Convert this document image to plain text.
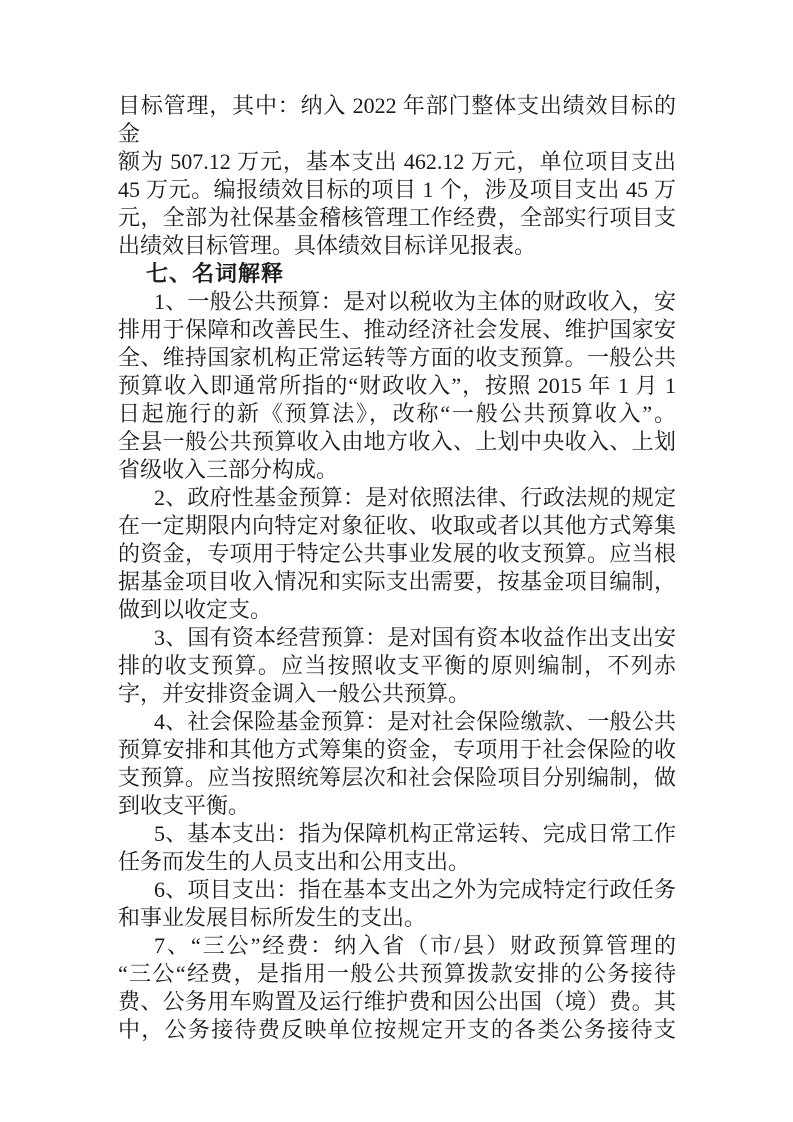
目标管理，其中：纳入 2022 年部门整体支出绩效目标的金
额为 507.12 万元，基本支出 462.12 万元，单位项目支出
45 万元。编报绩效目标的项目 1 个，涉及项目支出 45 万
元，全部为社保基金稽核管理工作经费，全部实行项目支
出绩效目标管理。具体绩效目标详见报表。
七、名词解释
1、一般公共预算：是对以税收为主体的财政收入，安
排用于保障和改善民生、推动经济社会发展、维护国家安
全、维持国家机构正常运转等方面的收支预算。一般公共
预算收入即通常所指的“财政收入”，按照 2015 年 1 月 1
日起施行的新《预算法》，改称“一般公共预算收入”。
全县一般公共预算收入由地方收入、上划中央收入、上划
省级收入三部分构成。
2、政府性基金预算：是对依照法律、行政法规的规定
在一定期限内向特定对象征收、收取或者以其他方式筹集
的资金，专项用于特定公共事业发展的收支预算。应当根
据基金项目收入情况和实际支出需要，按基金项目编制，
做到以收定支。
3、国有资本经营预算：是对国有资本收益作出支出安
排的收支预算。应当按照收支平衡的原则编制，不列赤
字，并安排资金调入一般公共预算。
4、社会保险基金预算：是对社会保险缴款、一般公共
预算安排和其他方式筹集的资金，专项用于社会保险的收
支预算。应当按照统筹层次和社会保险项目分别编制，做
到收支平衡。
5、基本支出：指为保障机构正常运转、完成日常工作
任务而发生的人员支出和公用支出。
6、项目支出：指在基本支出之外为完成特定行政任务
和事业发展目标所发生的支出。
7、“三公”经费：纳入省（市/县）财政预算管理的
“三公“经费，是指用一般公共预算拨款安排的公务接待
费、公务用车购置及运行维护费和因公出国（境）费。其
中，公务接待费反映单位按规定开支的各类公务接待支
